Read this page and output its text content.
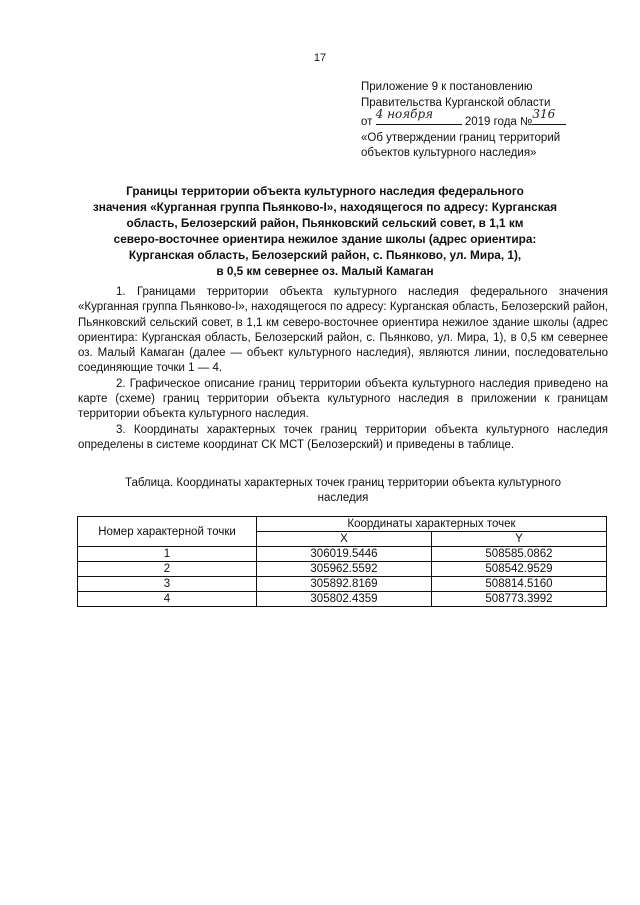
17
Приложение 9 к постановлению
Правительства Курганской области
от
4 ноября
2019 года №
316
«Об утверждении границ территорий
объектов культурного наследия»
Границы территории объекта культурного наследия федерального
значения «Курганная группа Пьянково-I», находящегося по адресу: Курганская
область, Белозерский район, Пьянковский сельский совет, в 1,1 км
северо-восточнее ориентира нежилое здание школы (адрес ориентира:
Курганская область, Белозерский район, с. Пьянково, ул. Мира, 1),
в 0,5 км севернее оз. Малый Камаган

1. Границами территории объекта культурного наследия федерального значения «Курганная группа Пьянково-I», находящегося по адресу: Курганская область, Белозерский район, Пьянковский сельский совет, в 1,1 км северо-восточнее ориентира нежилое здание школы (адрес ориентира: Курганская область, Белозерский район, с. Пьянково, ул. Мира, 1), в 0,5 км севернее оз. Малый Камаган (далее — объект культурного наследия), являются линии, последовательно соединяющие точки 1 — 4.

2. Графическое описание границ территории объекта культурного наследия приведено на карте (схеме) границ территории объекта культурного наследия в приложении к границам территории объекта культурного наследия.

3. Координаты характерных точек границ территории объекта культурного наследия определены в системе координат СК МСТ (Белозерский) и приведены в таблице.

Таблица. Координаты характерных точек границ территории объекта культурного
наследия
Номер характерной точки	Координаты характерных точек	
	X	Y
1	306019.5446	508585.0862
2	305962.5592	508542.9529
3	305892.8169	508814.5160
4	305802.4359	508773.3992
